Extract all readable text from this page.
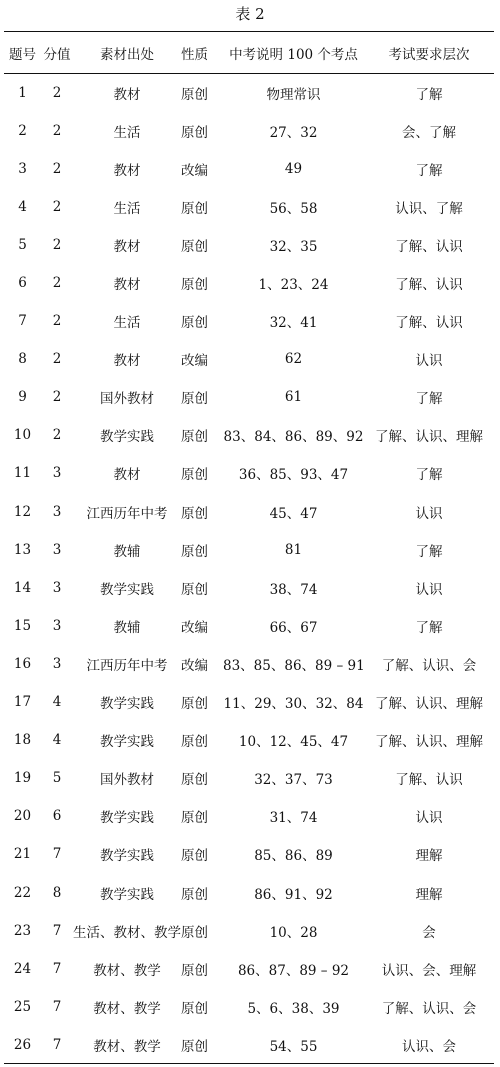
表 2
题号	分值	素材出处	性质	中考说明 100 个考点	考试要求层次
1	2	教材	原创	物理常识	了解
2	2	生活	原创	27、32	会、了解
3	2	教材	改编	49	了解
4	2	生活	原创	56、58	认识、了解
5	2	教材	原创	32、35	了解、认识
6	2	教材	原创	1、23、24	了解、认识
7	2	生活	原创	32、41	了解、认识
8	2	教材	改编	62	认识
9	2	国外教材	原创	61	了解
10	2	教学实践	原创	83、84、86、89、92	了解、认识、理解
11	3	教材	原创	36、85、93、47	了解
12	3	江西历年中考	原创	45、47	认识
13	3	教辅	原创	81	了解
14	3	教学实践	原创	38、74	认识
15	3	教辅	改编	66、67	了解
16	3	江西历年中考	改编	83、85、86、89 – 91	了解、认识、会
17	4	教学实践	原创	11、29、30、32、84	了解、认识、理解
18	4	教学实践	原创	10、12、45、47	了解、认识、理解
19	5	国外教材	原创	32、37、73	了解、认识
20	6	教学实践	原创	31、74	认识
21	7	教学实践	原创	85、86、89	理解
22	8	教学实践	原创	86、91、92	理解
23	7	生活、教材、教学	原创	10、28	会
24	7	教材、教学	原创	86、87、89 – 92	认识、会、理解
25	7	教材、教学	原创	5、6、38、39	了解、认识、会
26	7	教材、教学	原创	54、55	认识、会
